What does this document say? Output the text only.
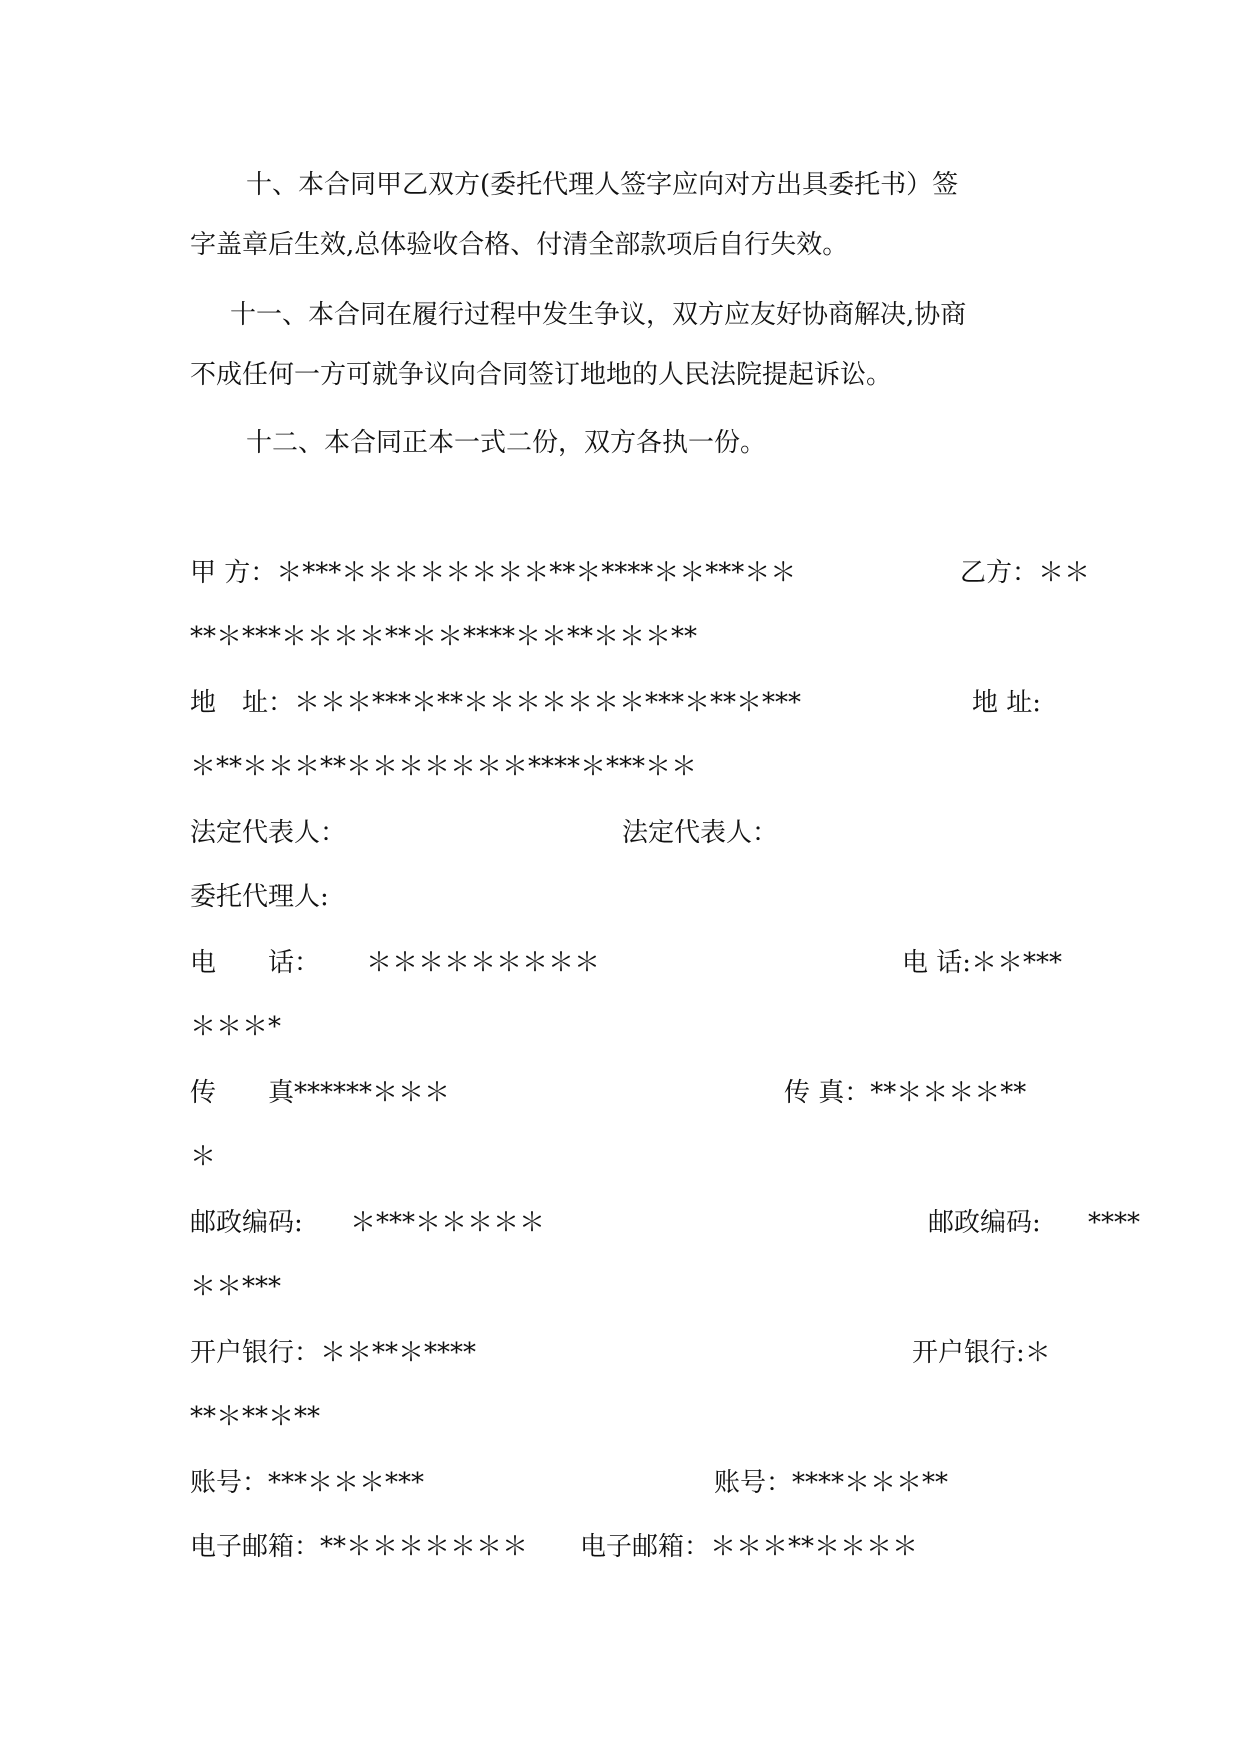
十、本合同甲乙双方(委托代理人签字应向对方出具委托书）签
字盖章后生效,总体验收合格、付清全部款项后自行失效。
十一、本合同在履行过程中发生争议，双方应友好协商解决,协商
不成任何一方可就争议向合同签订地地的人民法院提起诉讼。
十二、本合同正本一式二份，双方各执一份。
甲 方：＊***＊＊＊＊＊＊＊＊**＊****＊＊***＊＊	乙方：＊＊
**＊***＊＊＊＊**＊＊****＊＊**＊＊＊**
地　址：＊＊＊***＊**＊＊＊＊＊＊＊***＊**＊***	地 址:
＊**＊＊＊**＊＊＊＊＊＊＊****＊***＊＊
法定代表人：	法定代表人：
委托代理人:
电　　话： ＊＊＊＊＊＊＊＊＊	电 话:＊＊***
＊＊＊*
传　　真******＊＊＊	传 真：**＊＊＊＊**
＊
邮政编码: ＊***＊＊＊＊＊	邮政编码: ****
＊＊***
开户银行：＊＊**＊****	开户银行:＊
**＊**＊**
账号：***＊＊＊***	账号：****＊＊＊**
电子邮箱：**＊＊＊＊＊＊＊ 电子邮箱：＊＊＊**＊＊＊＊
